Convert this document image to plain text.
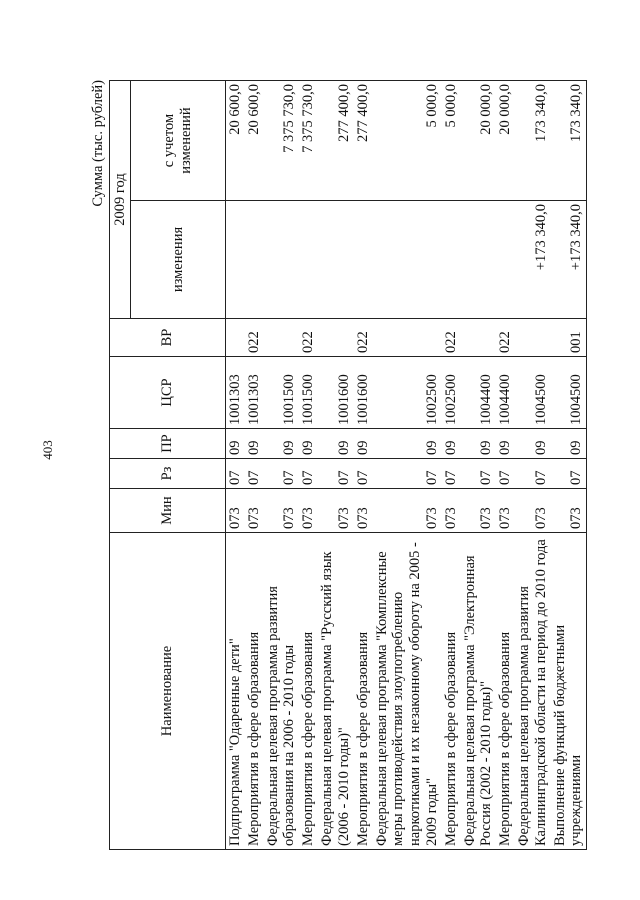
403
Сумма (тыс. рублей)
Наименование	Мин	Рз	ПР	ЦСР	ВР	2009 год	
						изменения	с учетом изменений
Подпрограмма "Одаренные дети"	073	07	09	1001303			20 600,0
Мероприятия в сфере образования	073	07	09	1001303	022		20 600,0
Федеральная целевая программа развития образования на 2006 - 2010 годы	073	07	09	1001500			7 375 730,0
Мероприятия в сфере образования	073	07	09	1001500	022		7 375 730,0
Федеральная целевая программа "Русский язык (2006 - 2010 годы)"	073	07	09	1001600			277 400,0
Мероприятия в сфере образования	073	07	09	1001600	022		277 400,0
Федеральная целевая программа "Комплексные меры противодействия злоупотреблению наркотиками и их незаконному обороту на 2005 - 2009 годы"	073	07	09	1002500			5 000,0
Мероприятия в сфере образования	073	07	09	1002500	022		5 000,0
Федеральная целевая программа "Электронная Россия (2002 - 2010 годы)"	073	07	09	1004400			20 000,0
Мероприятия в сфере образования	073	07	09	1004400	022		20 000,0
Федеральная целевая программа развития Калининградской области на период до 2010 года	073	07	09	1004500		+173 340,0	173 340,0
Выполнение функций бюджетными учреждениями	073	07	09	1004500	001	+173 340,0	173 340,0
